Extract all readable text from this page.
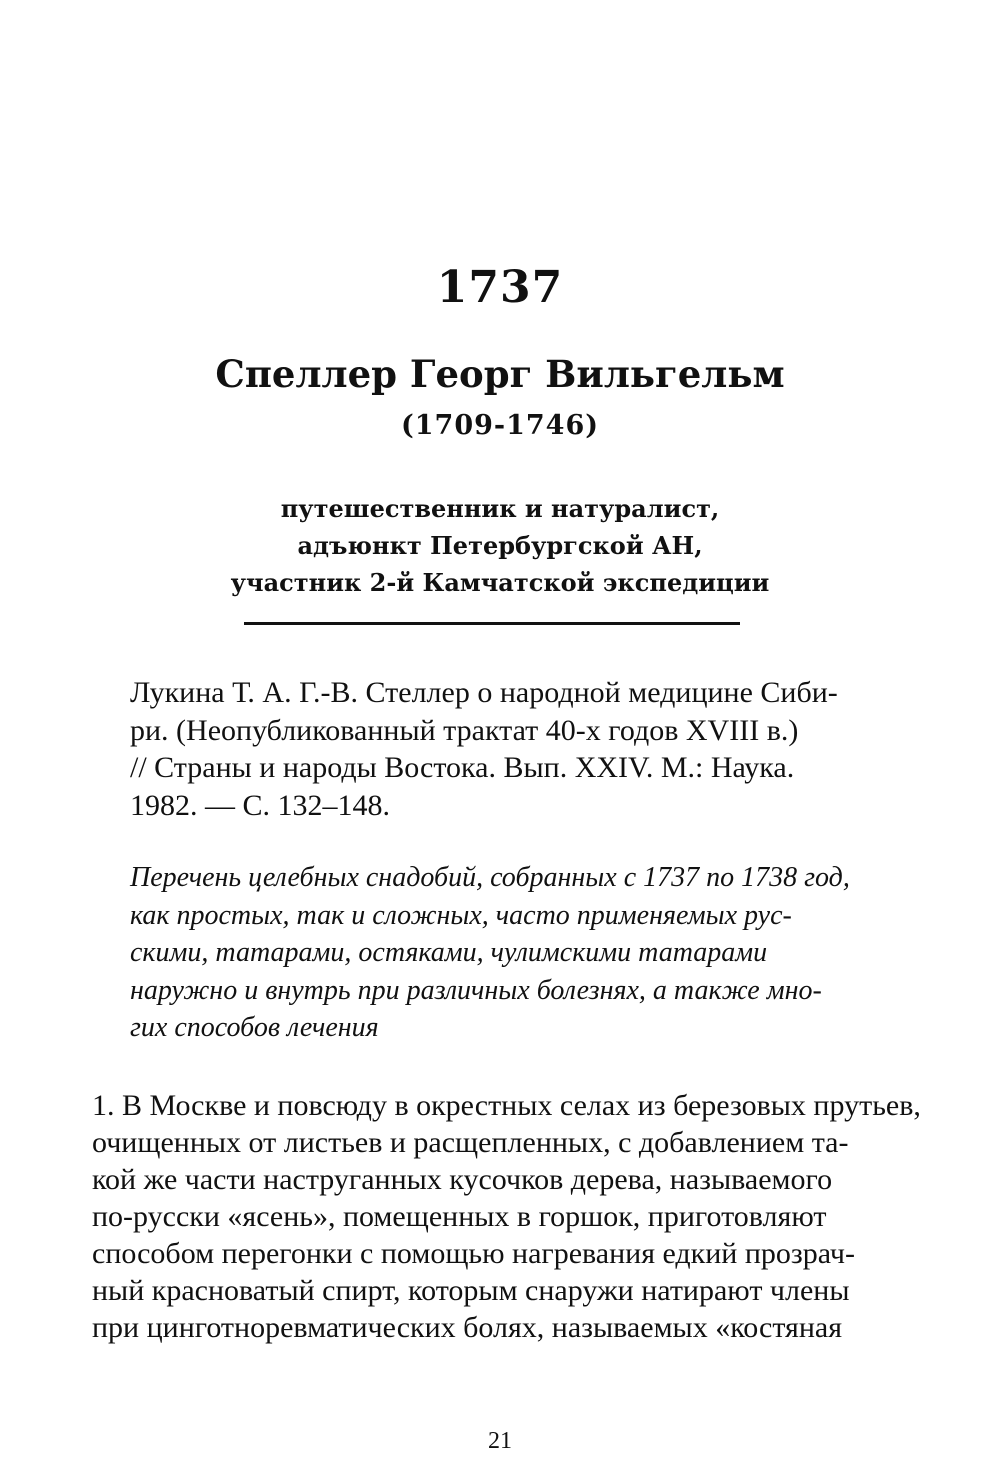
1737
Спеллер Георг Вильгельм
(1709-1746)
путешественник и натуралист,
адъюнкт Петербургской АН,
участник 2-й Камчатской экспедиции
Лукина Т. А. Г.-В. Стеллер о народной медицине Сиби-
ри. (Неопубликованный трактат 40-х годов XVIII в.)
// Страны и народы Востока. Вып. XXIV. М.: Наука.
1982. — С. 132–148.
Перечень целебных снадобий, собранных с 1737 по 1738 год,
как простых, так и сложных, часто применяемых рус-
скими, татарами, остяками, чулимскими татарами
наружно и внутрь при различных болезнях, а также мно-
гих способов лечения
1. В Москве и повсюду в окрестных селах из березовых прутьев,
очищенных от листьев и расщепленных, с добавлением та-
кой же части наструганных кусочков дерева, называемого
по-русски «ясень», помещенных в горшок, приготовляют
способом перегонки с помощью нагревания едкий прозрач-
ный красноватый спирт, которым снаружи натирают члены
при цинготноревматических болях, называемых «костяная
21
